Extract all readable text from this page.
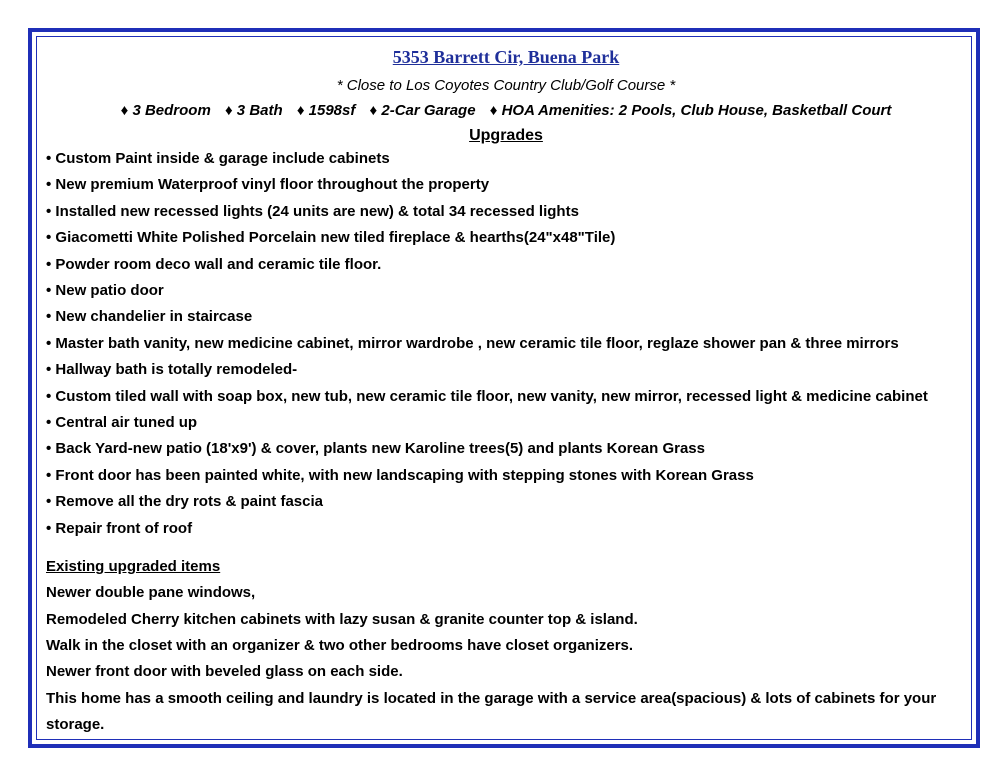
5353 Barrett Cir, Buena Park
* Close to Los Coyotes Country Club/Golf Course *
♦ 3 Bedroom ♦ 3 Bath ♦ 1598sf ♦ 2-Car Garage ♦ HOA Amenities: 2 Pools, Club House, Basketball Court
Upgrades
• Custom Paint inside & garage include cabinets
• New premium Waterproof vinyl floor throughout the property
• Installed new recessed lights (24 units are new) & total 34 recessed lights
• Giacometti White Polished Porcelain new tiled fireplace & hearths(24"x48"Tile)
• Powder room deco wall and ceramic tile floor.
• New patio door
• New chandelier in staircase
• Master bath vanity, new medicine cabinet, mirror wardrobe , new ceramic tile floor, reglaze shower pan & three mirrors
• Hallway bath is totally remodeled-
• Custom tiled wall with soap box, new tub, new ceramic tile floor, new vanity, new mirror, recessed light & medicine cabinet
• Central air tuned up
• Back Yard-new patio (18'x9') & cover, plants new Karoline trees(5) and plants Korean Grass
• Front door has been painted white, with new landscaping with stepping stones with Korean Grass
• Remove all the dry rots & paint fascia
• Repair front of roof
Existing upgraded items
Newer double pane windows,
Remodeled Cherry kitchen cabinets with lazy susan & granite counter top & island.
Walk in the closet with an organizer & two other bedrooms have closet organizers.
Newer front door with beveled glass on each side.
This home has a smooth ceiling and laundry is located in the garage with a service area(spacious) & lots of cabinets for your storage.
